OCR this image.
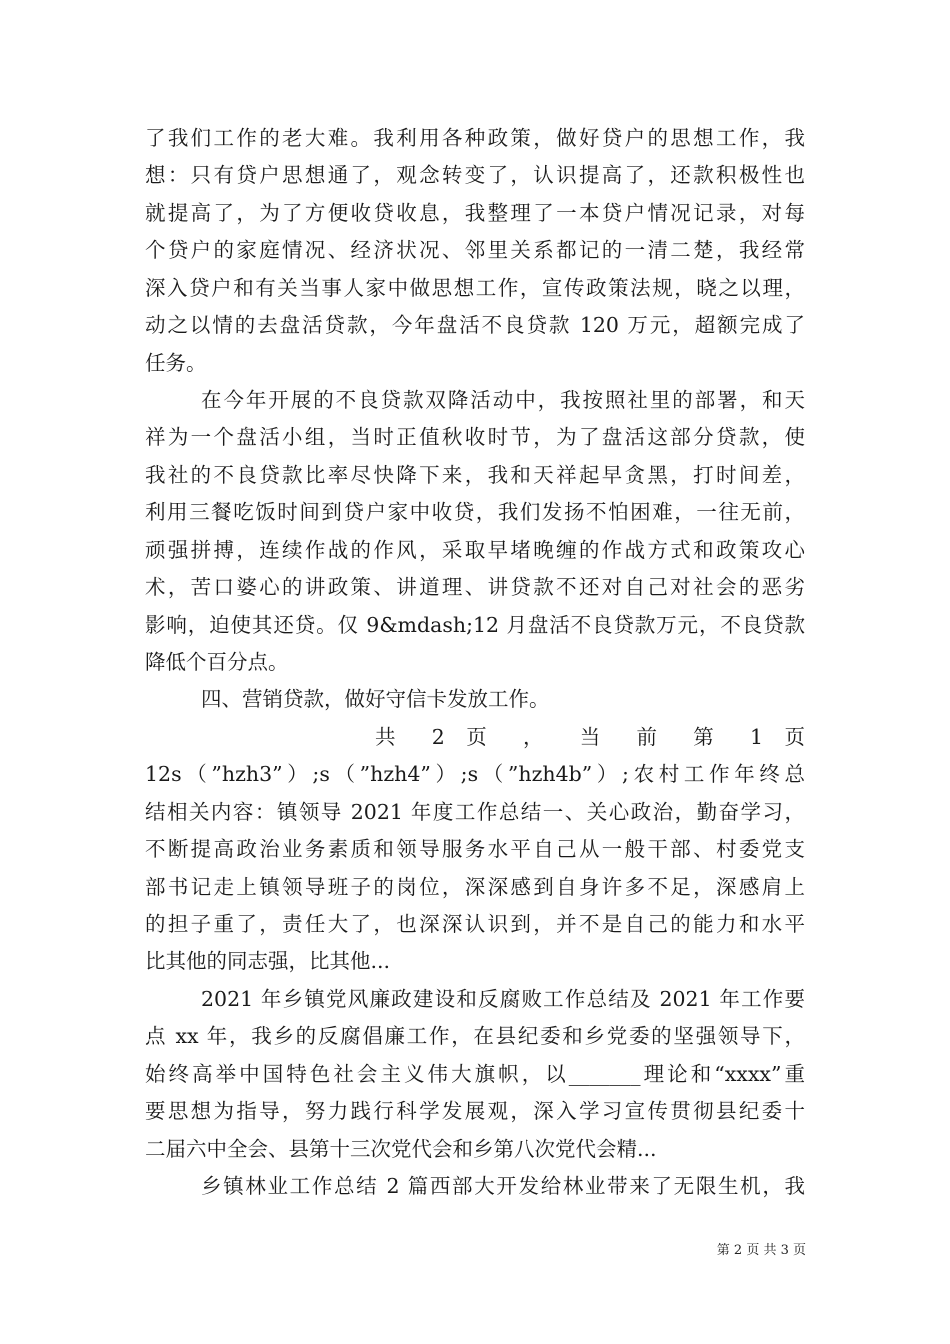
了我们工作的老大难。我利用各种政策，做好贷户的思想工作，我
想：只有贷户思想通了，观念转变了，认识提高了，还款积极性也
就提高了，为了方便收贷收息，我整理了一本贷户情况记录，对每
个贷户的家庭情况、经济状况、邻里关系都记的一清二楚，我经常
深入贷户和有关当事人家中做思想工作，宣传政策法规，晓之以理，
动之以情的去盘活贷款，今年盘活不良贷款 120 万元，超额完成了
任务。
在今年开展的不良贷款双降活动中，我按照社里的部署，和天
祥为一个盘活小组，当时正值秋收时节，为了盘活这部分贷款，使
我社的不良贷款比率尽快降下来，我和天祥起早贪黑，打时间差，
利用三餐吃饭时间到贷户家中收贷，我们发扬不怕困难，一往无前，
顽强拼搏，连续作战的作风，采取早堵晚缠的作战方式和政策攻心
术，苦口婆心的讲政策、讲道理、讲贷款不还对自己对社会的恶劣
影响，迫使其还贷。仅 9&mdash;12 月盘活不良贷款万元，不良贷款
降低个百分点。
四、营销贷款，做好守信卡发放工作。
共 2 页 ， 当 前 第 1 页
12s（”hzh3”）;s（”hzh4”）;s（”hzh4b”）;农村工作年终总
结相关内容：镇领导 2021 年度工作总结一、关心政治，勤奋学习，
不断提高政治业务素质和领导服务水平自己从一般干部、村委党支
部书记走上镇领导班子的岗位，深深感到自身许多不足，深感肩上
的担子重了，责任大了，也深深认识到，并不是自己的能力和水平
比其他的同志强，比其他...
2021 年乡镇党风廉政建设和反腐败工作总结及 2021 年工作要
点 xx 年，我乡的反腐倡廉工作，在县纪委和乡党委的坚强领导下，
始终高举中国特色社会主义伟大旗帜，以_______理论和“xxxx”重
要思想为指导，努力践行科学发展观，深入学习宣传贯彻县纪委十
二届六中全会、县第十三次党代会和乡第八次党代会精...
乡镇林业工作总结 2 篇西部大开发给林业带来了无限生机，我
第 2 页 共 3 页
